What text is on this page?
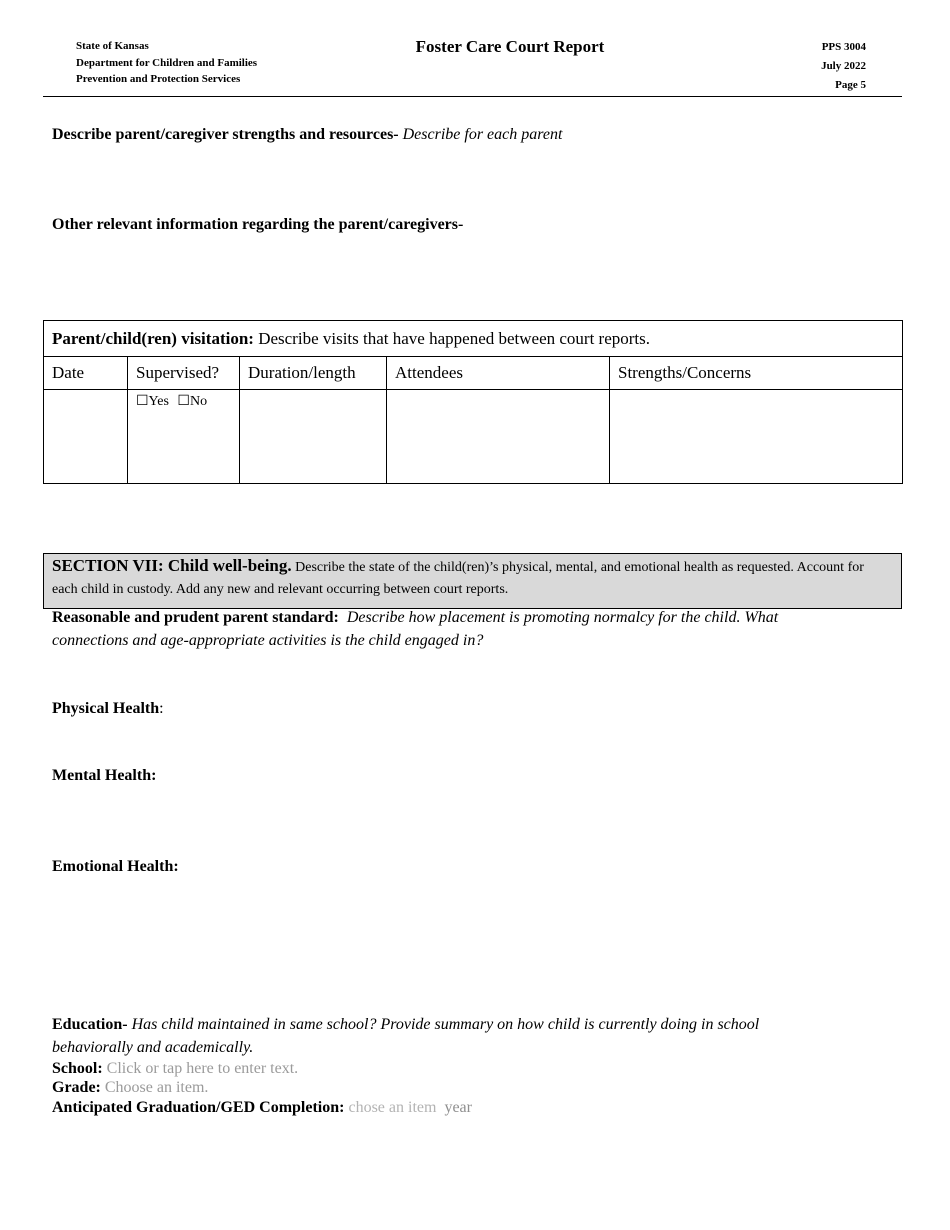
State of Kansas
Department for Children and Families
Prevention and Protection Services
Foster Care Court Report	PPS 3004
July 2022
Page 5
Describe parent/caregiver strengths and resources- Describe for each parent
Other relevant information regarding the parent/caregivers-
Parent/child(ren) visitation: Describe visits that have happened between court reports.				
Date	Supervised?	Duration/length	Attendees	Strengths/Concerns
	☐Yes ☐No			
SECTION VII: Child well-being. Describe the state of the child(ren)’s physical, mental, and emotional health as requested. Account for each child in custody. Add any new and relevant occurring between court reports.
Reasonable and prudent parent standard: Describe how placement is promoting normalcy for the child. What connections and age-appropriate activities is the child engaged in?
Physical Health:
Mental Health:
Emotional Health:
Education- Has child maintained in same school? Provide summary on how child is currently doing in school behaviorally and academically.
School: Click or tap here to enter text.
Grade: Choose an item.
Anticipated Graduation/GED Completion: chose an item year
